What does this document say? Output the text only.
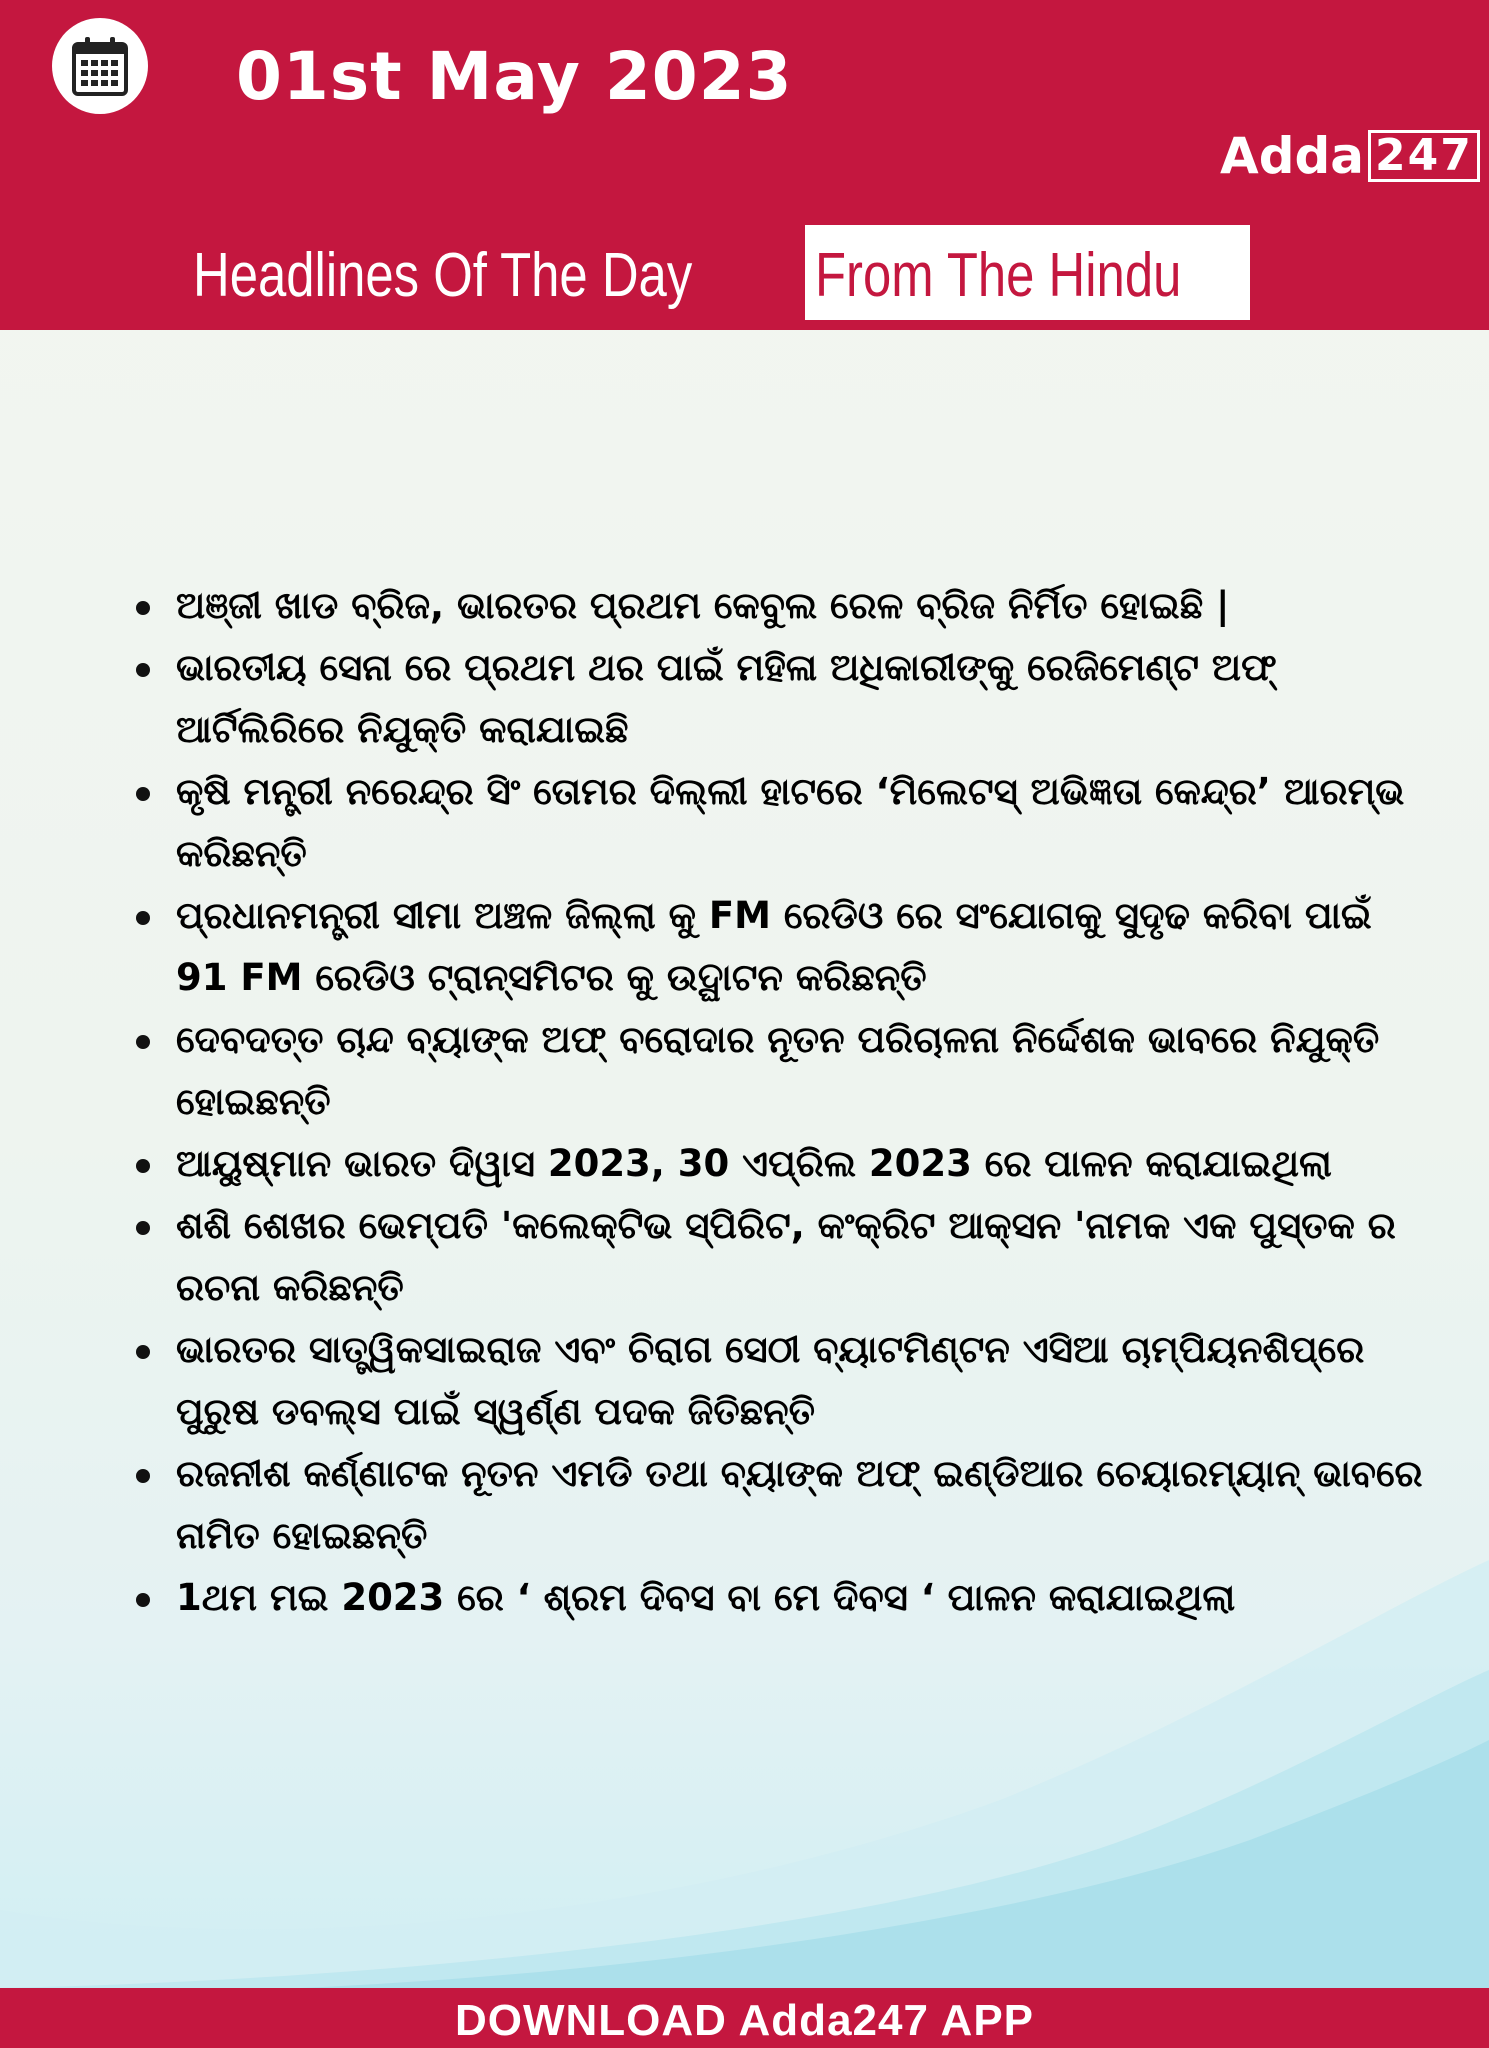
01st May 2023
Adda 247
Headlines Of The Day From The Hindu
ଅଞ୍ଜୀ ଖାଡ ବ୍ରିଜ, ଭାରତର ପ୍ରଥମ କେବୁଲ ରେଳ ବ୍ରିଜ ନିର୍ମିତ ହୋଇଛି |
ଭାରତୀୟ ସେନା ରେ ପ୍ରଥମ ଥର ପାଇଁ ମହିଳା ଅଧିକାରୀଙ୍କୁ ରେଜିମେଣ୍ଟ ଅଫ୍ ଆର୍ଟିଲିରିରେ ନିଯୁକ୍ତି କରାଯାଇଛି
କୃଷି ମନ୍ତ୍ରୀ ନରେନ୍ଦ୍ର ସିଂ ତୋମର ଦିଲ୍ଲୀ ହାଟରେ ‘ମିଲେଟସ୍ ଅଭିଜ୍ଞତା କେନ୍ଦ୍ର’ ଆରମ୍ଭ କରିଛନ୍ତି
ପ୍ରଧାନମନ୍ତ୍ରୀ ସୀମା ଅଞ୍ଚଳ ଜିଲ୍ଲା କୁ FM ରେଡିଓ ରେ ସଂଯୋଗକୁ ସୁଦୃଢ କରିବା ପାଇଁ 91 FM ରେଡିଓ ଟ୍ରାନ୍ସମିଟର କୁ ଉଦ୍ଘାଟନ କରିଛନ୍ତି
ଦେବଦତ୍ତ ଚାନ୍ଦ ବ୍ୟାଙ୍କ ଅଫ୍ ବରୋଦାର ନୂତନ ପରିଚାଳନା ନିର୍ଦ୍ଦେଶକ ଭାବରେ ନିଯୁକ୍ତି ହୋଇଛନ୍ତି
ଆୟୁଷ୍ମାନ ଭାରତ ଦିୱାସ 2023, 30 ଏପ୍ରିଲ 2023 ରେ ପାଳନ କରାଯାଇଥିଲା
ଶଶି ଶେଖର ଭେମ୍ପତି 'କଲେକ୍ଟିଭ ସ୍ପିରିଟ, କଂକ୍ରିଟ ଆକ୍ସନ 'ନାମକ ଏକ ପୁସ୍ତକ ର ରଚନା କରିଛନ୍ତି
ଭାରତର ସାତ୍ତ୍ୱିକସାଇରାଜ ଏବଂ ଚିରାଗ ସେଠୀ ବ୍ୟାଟମିଣ୍ଟନ ଏସିଆ ଚାମ୍ପିୟନଶିପ୍‌ରେ ପୁରୁଷ ଡବଲ୍ସ ପାଇଁ ସ୍ୱର୍ଣ୍ଣ ପଦକ ଜିତିଛନ୍ତି
ରଜନୀଶ କର୍ଣ୍ଣାଟକ ନୂତନ ଏମଡି ତଥା ବ୍ୟାଙ୍କ ଅଫ୍ ଇଣ୍ଡିଆର ଚେୟାରମ୍ୟାନ୍ ଭାବରେ ନାମିତ ହୋଇଛନ୍ତି
1ଥମ ମଇ 2023 ରେ ‘ ଶ୍ରମ ଦିବସ ବା ମେ ଦିବସ ‘ ପାଳନ କରାଯାଇଥିଲା
DOWNLOAD Adda247 APP
